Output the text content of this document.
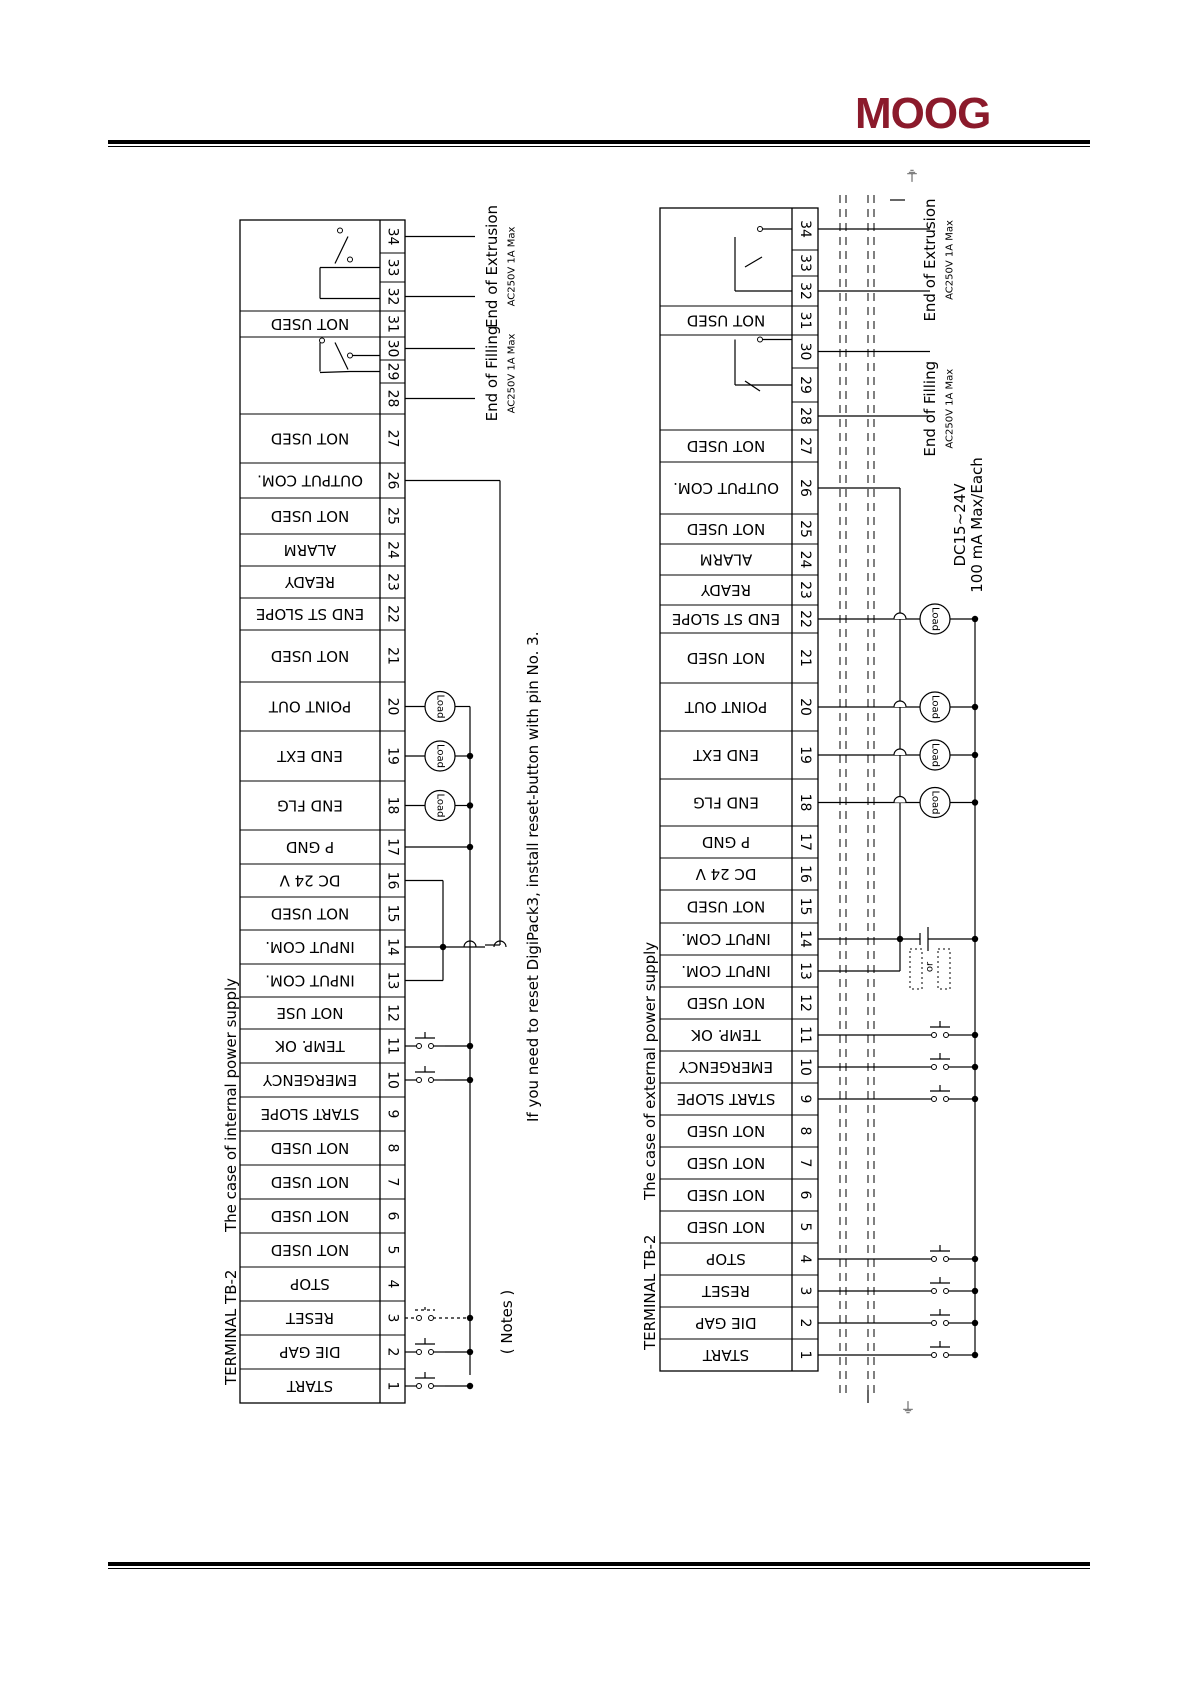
MOOG
1
START
2
DIE GAP
3
RESET
4
STOP
5
NOT USED
6
NOT USED
7
NOT USED
8
NOT USED
9
START SLOPE
10
EMERGENCY
11
TEMP. OK
12
NOT USE
13
INPUT COM.
14
INPUT COM.
15
NOT USED
16
DC 24 V
17
P GND
18
END FLG
19
END EXT
20
POINT OUT
21
NOT USED
22
END ST SLOPE
23
READY
24
ALARM
25
NOT USED
26
OUTPUT COM.
27
NOT USED
28
29
30
31
NOT USED
32
33
34
The case of internal power supply
TERMINAL TB-2
End of Filling AC250V 1A Max
End of Extrusion AC250V 1A Max
Load
Load
Load
( Notes )
If you need to reset DigiPack3, install reset-button with pin No. 3.
1
START
2
DIE GAP
3
RESET
4
STOP
5
NOT USED
6
NOT USED
7
NOT USED
8
NOT USED
9
START SLOPE
10
EMERGENCY
11
TEMP. OK
12
NOT USED
13
INPUT COM.
14
INPUT COM.
15
NOT USED
16
DC 24 V
17
P GND
18
END FLG
19
END EXT
20
POINT OUT
21
NOT USED
22
END ST SLOPE
23
READY
24
ALARM
25
NOT USED
26
OUTPUT COM.
27
NOT USED
28
29
30
31
NOT USED
32
33
34
The case of external power supply
TERMINAL TB-2
⏚
⏚
End of Filling AC250V 1A Max
End of Extrusion AC250V 1A Max
DC15~24V 100 mA Max/Each
or
Load
Load
Load
Load
